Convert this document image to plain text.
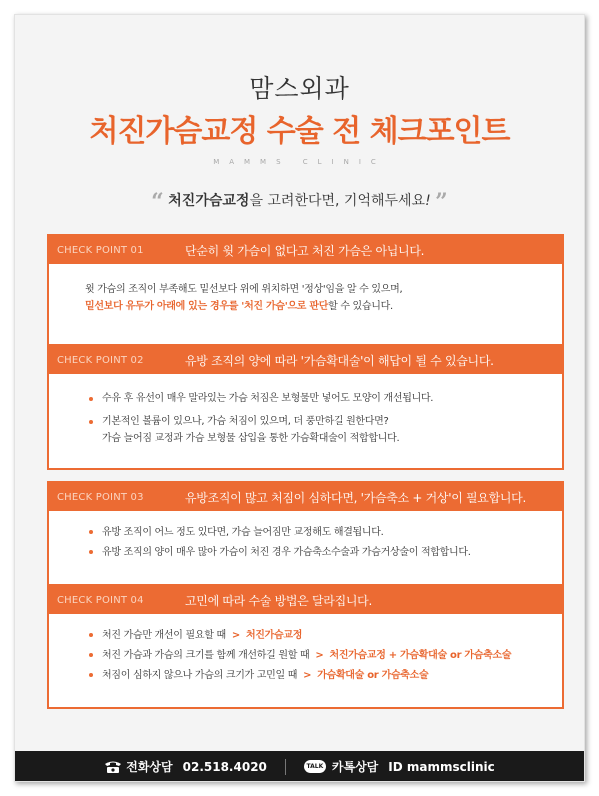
맘스외과
처진가슴교정 수술 전 체크포인트
MAMMS CLINIC
“ 처진가슴교정을 고려한다면, 기억해두세요! ”
CHECK POINT 01	단순히 윗 가슴이 없다고 처진 가슴은 아닙니다.
윗 가슴의 조직이 부족해도 밑선보다 위에 위치하면 '정상'임을 알 수 있으며,
밑선보다 유두가 아래에 있는 경우를 '처진 가슴'으로 판단할 수 있습니다.
CHECK POINT 02	유방 조직의 양에 따라 '가슴확대술'이 해답이 될 수 있습니다.
수유 후 유선이 매우 말라있는 가슴 처짐은 보형물만 넣어도 모양이 개선됩니다.
기본적인 볼륨이 있으나, 가슴 처짐이 있으며, 더 풍만하길 원한다면?
가슴 늘어짐 교정과 가슴 보형물 삽입을 통한 가슴확대술이 적합합니다.
CHECK POINT 03	유방조직이 많고 처짐이 심하다면, '가슴축소 + 거상'이 필요합니다.
유방 조직이 어느 정도 있다면, 가슴 늘어짐만 교정해도 해결됩니다.
유방 조직의 양이 매우 많아 가슴이 처진 경우 가슴축소수술과 가슴거상술이 적합합니다.
CHECK POINT 04	고민에 따라 수술 방법은 달라집니다.
처진 가슴만 개선이 필요할 때 > 처진가슴교정
처진 가슴과 가슴의 크기를 함께 개선하길 원할 때 > 처진가슴교정 + 가슴확대술 or 가슴축소술
처짐이 심하지 않으나 가슴의 크기가 고민일 때 > 가슴확대술 or 가슴축소술
전화상담 02.518.4020	TALK 카톡상담 ID mammsclinic
